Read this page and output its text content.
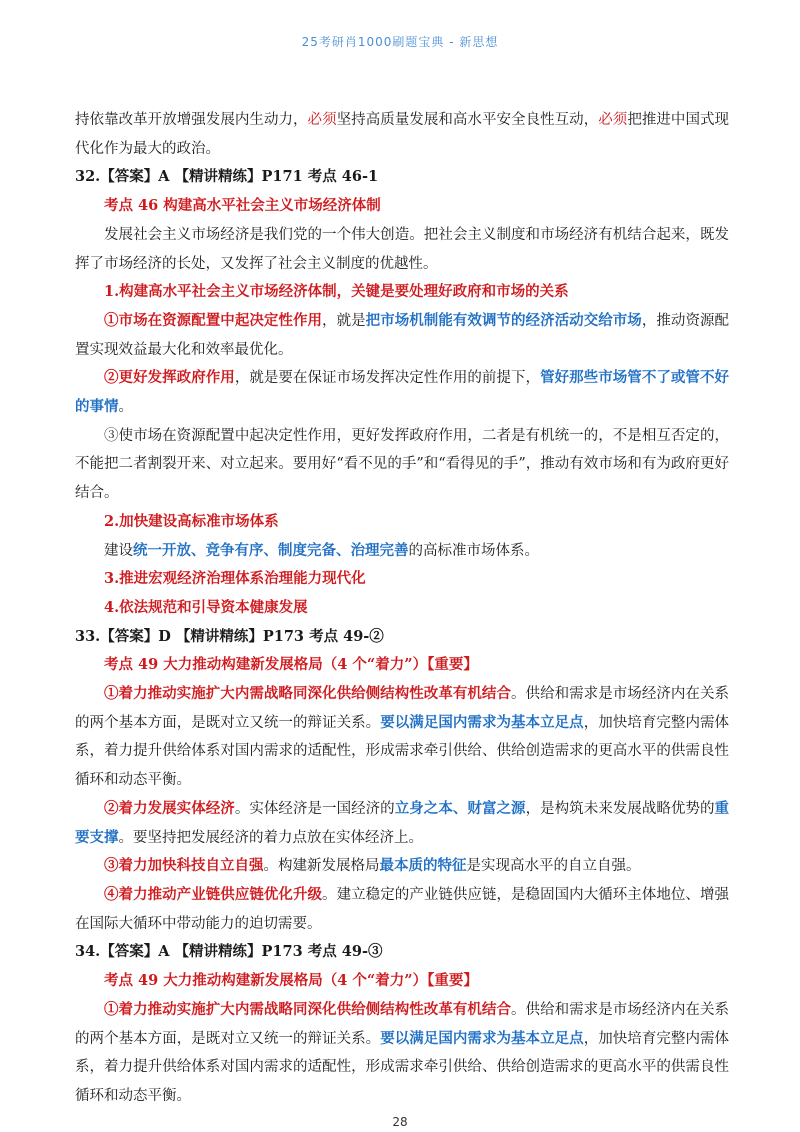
25考研肖1000刷题宝典 - 新思想

持依靠改革开放增强发展内生动力，必须坚持高质量发展和高水平安全良性互动，必须把推进中国式现代化作为最大的政治。

32.【答案】A 【精讲精练】P171 考点 46-1

考点 46 构建高水平社会主义市场经济体制

发展社会主义市场经济是我们党的一个伟大创造。把社会主义制度和市场经济有机结合起来，既发挥了市场经济的长处，又发挥了社会主义制度的优越性。

1.构建高水平社会主义市场经济体制，关键是要处理好政府和市场的关系

①市场在资源配置中起决定性作用，就是把市场机制能有效调节的经济活动交给市场，推动资源配置实现效益最大化和效率最优化。

②更好发挥政府作用，就是要在保证市场发挥决定性作用的前提下，管好那些市场管不了或管不好的事情。

③使市场在资源配置中起决定性作用，更好发挥政府作用，二者是有机统一的，不是相互否定的，不能把二者割裂开来、对立起来。要用好“看不见的手”和“看得见的手”，推动有效市场和有为政府更好结合。

2.加快建设高标准市场体系

建设统一开放、竞争有序、制度完备、治理完善的高标准市场体系。

3.推进宏观经济治理体系治理能力现代化

4.依法规范和引导资本健康发展

33.【答案】D 【精讲精练】P173 考点 49-②

考点 49 大力推动构建新发展格局（4 个“着力”）【重要】

①着力推动实施扩大内需战略同深化供给侧结构性改革有机结合。供给和需求是市场经济内在关系的两个基本方面，是既对立又统一的辩证关系。要以满足国内需求为基本立足点，加快培育完整内需体系，着力提升供给体系对国内需求的适配性，形成需求牵引供给、供给创造需求的更高水平的供需良性循环和动态平衡。

②着力发展实体经济。实体经济是一国经济的立身之本、财富之源，是构筑未来发展战略优势的重要支撑。要坚持把发展经济的着力点放在实体经济上。

③着力加快科技自立自强。构建新发展格局最本质的特征是实现高水平的自立自强。

④着力推动产业链供应链优化升级。建立稳定的产业链供应链，是稳固国内大循环主体地位、增强在国际大循环中带动能力的迫切需要。

34.【答案】A 【精讲精练】P173 考点 49-③

考点 49 大力推动构建新发展格局（4 个“着力”）【重要】

①着力推动实施扩大内需战略同深化供给侧结构性改革有机结合。供给和需求是市场经济内在关系的两个基本方面，是既对立又统一的辩证关系。要以满足国内需求为基本立足点，加快培育完整内需体系，着力提升供给体系对国内需求的适配性，形成需求牵引供给、供给创造需求的更高水平的供需良性循环和动态平衡。

28
